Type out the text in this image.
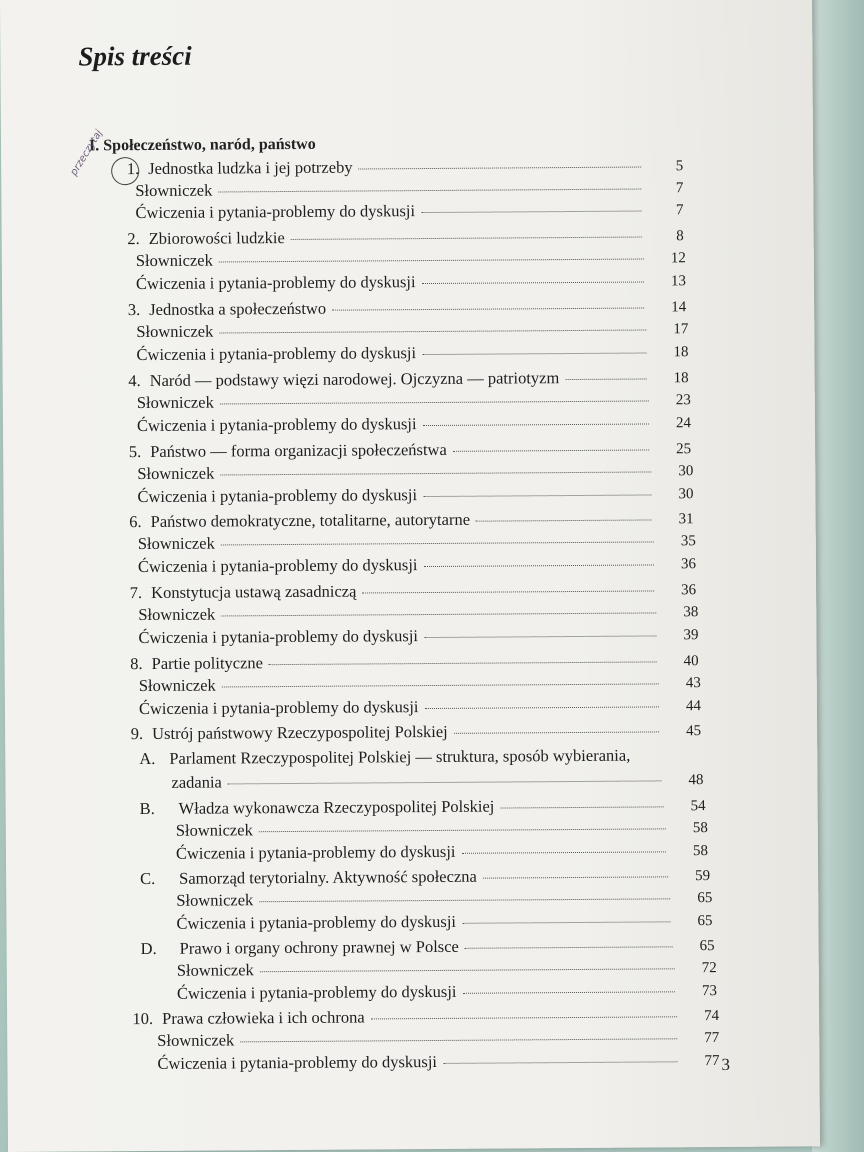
Spis treści
I. Społeczeństwo, naród, państwo
przeczytaj	1. Jednostka ludzka i jej potrzeby	5
Słowniczek	7
Ćwiczenia i pytania-problemy do dyskusji	7
2. Zbiorowości ludzkie	8
Słowniczek	12
Ćwiczenia i pytania-problemy do dyskusji	13
3. Jednostka a społeczeństwo	14
Słowniczek	17
Ćwiczenia i pytania-problemy do dyskusji	18
4. Naród — podstawy więzi narodowej. Ojczyzna — patriotyzm	18
Słowniczek	23
Ćwiczenia i pytania-problemy do dyskusji	24
5. Państwo — forma organizacji społeczeństwa	25
Słowniczek	30
Ćwiczenia i pytania-problemy do dyskusji	30
6. Państwo demokratyczne, totalitarne, autorytarne	31
Słowniczek	35
Ćwiczenia i pytania-problemy do dyskusji	36
7. Konstytucja ustawą zasadniczą	36
Słowniczek	38
Ćwiczenia i pytania-problemy do dyskusji	39
8. Partie polityczne	40
Słowniczek	43
Ćwiczenia i pytania-problemy do dyskusji	44
9. Ustrój państwowy Rzeczypospolitej Polskiej	45
A. Parlament Rzeczypospolitej Polskiej — struktura, sposób wybierania,
zadania	48
B.	Władza wykonawcza Rzeczypospolitej Polskiej	54
Słowniczek	58
Ćwiczenia i pytania-problemy do dyskusji	58
C.	Samorząd terytorialny. Aktywność społeczna	59
Słowniczek	65
Ćwiczenia i pytania-problemy do dyskusji	65
D.	Prawo i organy ochrony prawnej w Polsce	65
Słowniczek	72
Ćwiczenia i pytania-problemy do dyskusji	73
10. Prawa człowieka i ich ochrona	74
Słowniczek	77
Ćwiczenia i pytania-problemy do dyskusji	77 3
